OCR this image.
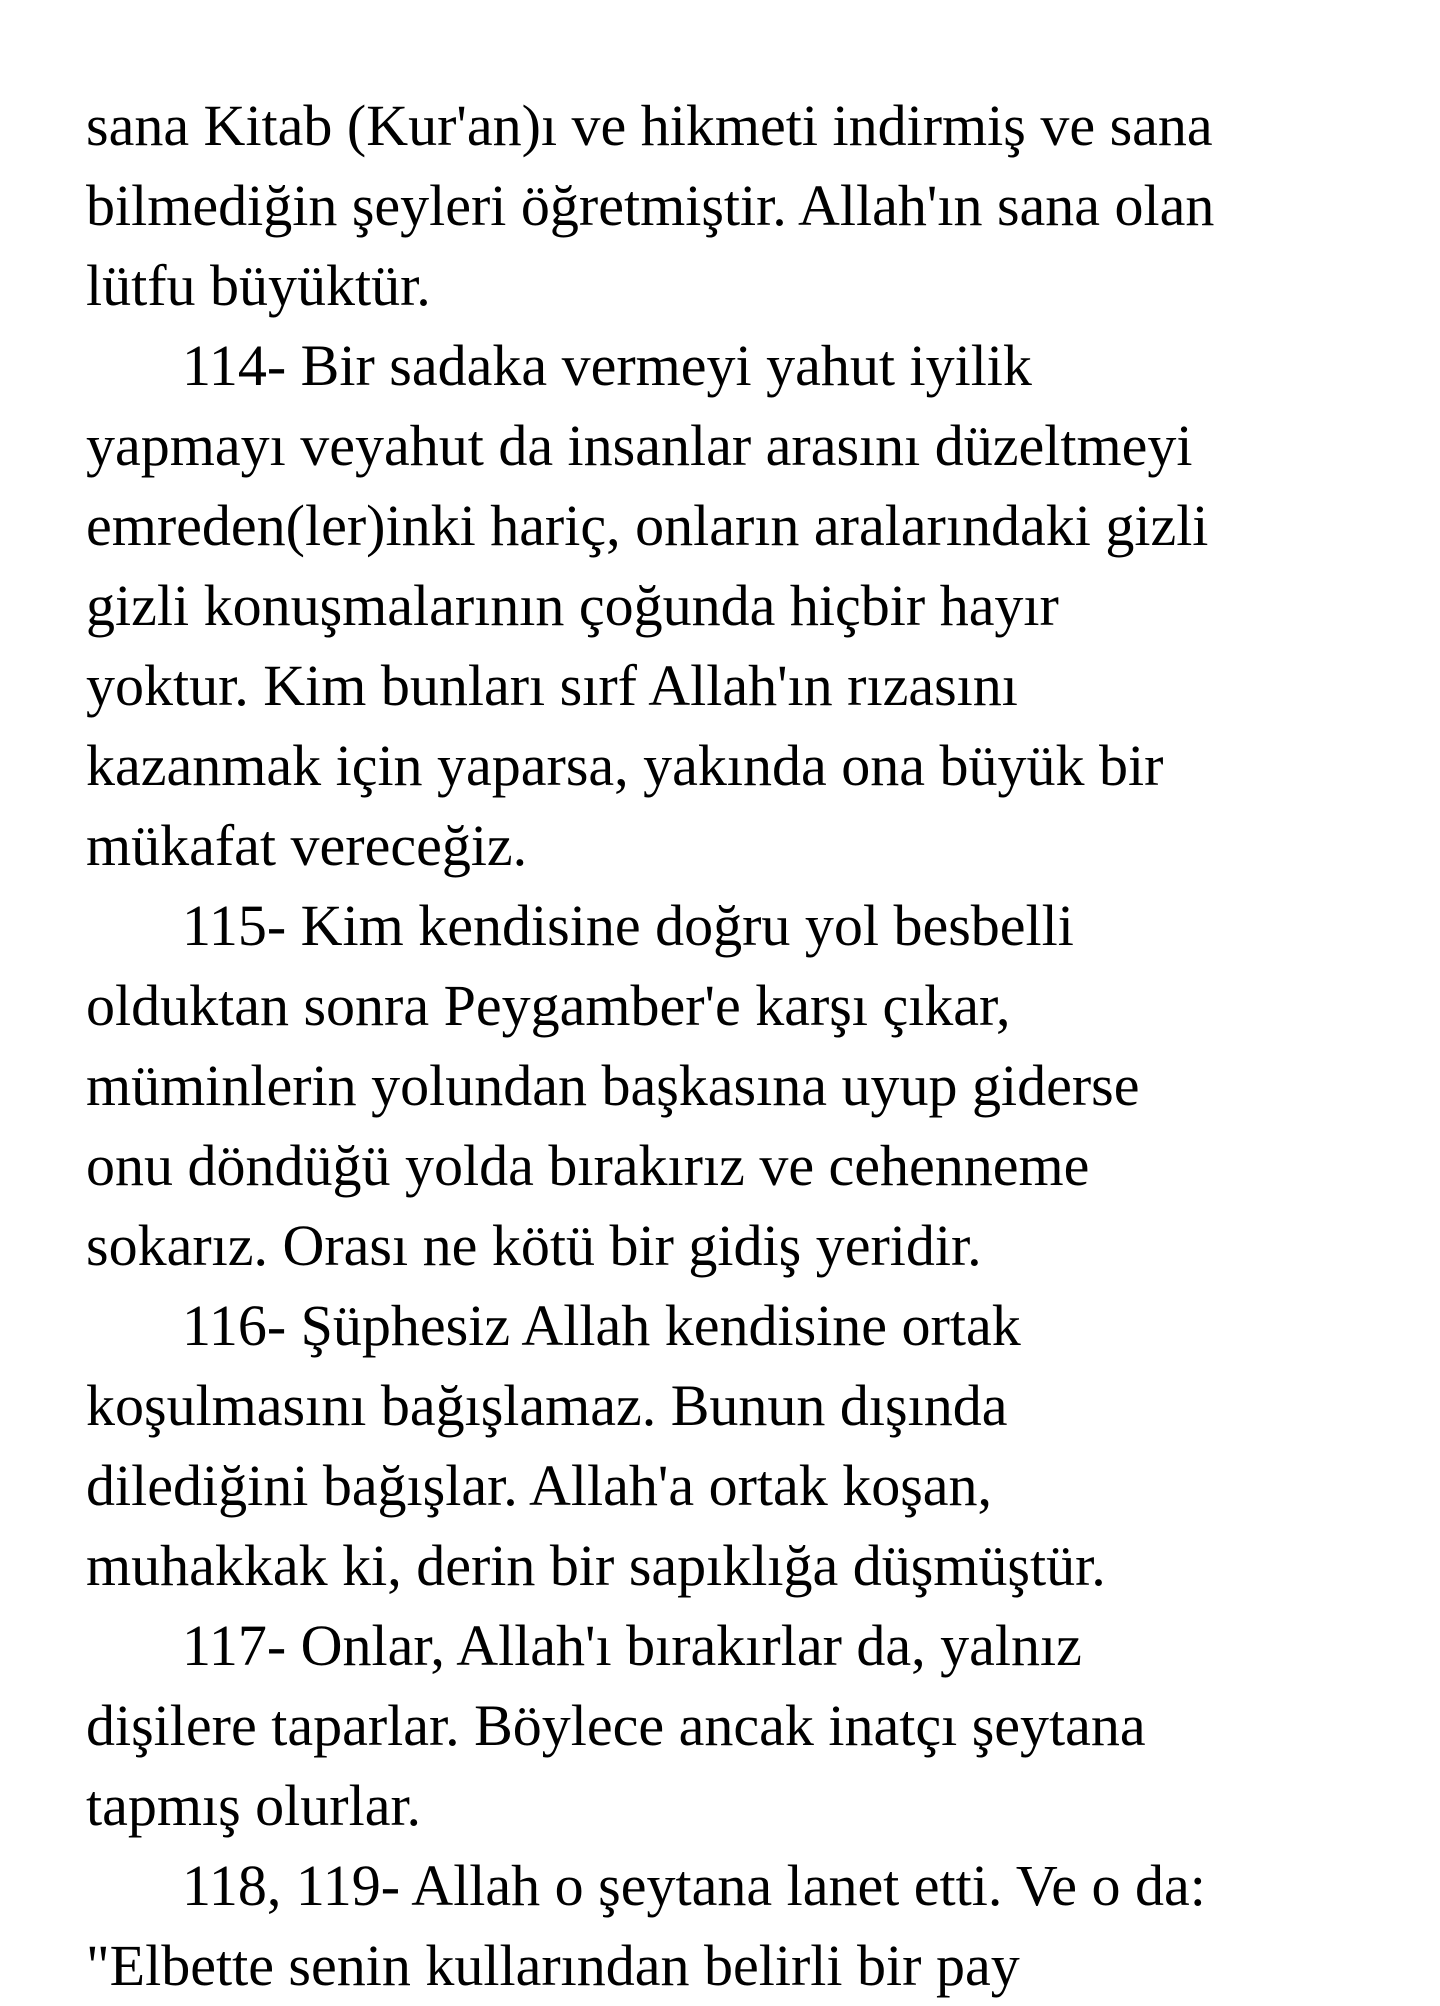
sana Kitab (Kur'an)ı ve hikmeti indirmiş ve sana
bilmediğin şeyleri öğretmiştir. Allah'ın sana olan
lütfu büyüktür.
114- Bir sadaka vermeyi yahut iyilik
yapmayı veyahut da insanlar arasını düzeltmeyi
emreden(ler)inki hariç, onların aralarındaki gizli
gizli konuşmalarının çoğunda hiçbir hayır
yoktur. Kim bunları sırf Allah'ın rızasını
kazanmak için yaparsa, yakında ona büyük bir
mükafat vereceğiz.
115- Kim kendisine doğru yol besbelli
olduktan sonra Peygamber'e karşı çıkar,
müminlerin yolundan başkasına uyup giderse
onu döndüğü yolda bırakırız ve cehenneme
sokarız. Orası ne kötü bir gidiş yeridir.
116- Şüphesiz Allah kendisine ortak
koşulmasını bağışlamaz. Bunun dışında
dilediğini bağışlar. Allah'a ortak koşan,
muhakkak ki, derin bir sapıklığa düşmüştür.
117- Onlar, Allah'ı bırakırlar da, yalnız
dişilere taparlar. Böylece ancak inatçı şeytana
tapmış olurlar.
118, 119- Allah o şeytana lanet etti. Ve o da:
"Elbette senin kullarından belirli bir pay
